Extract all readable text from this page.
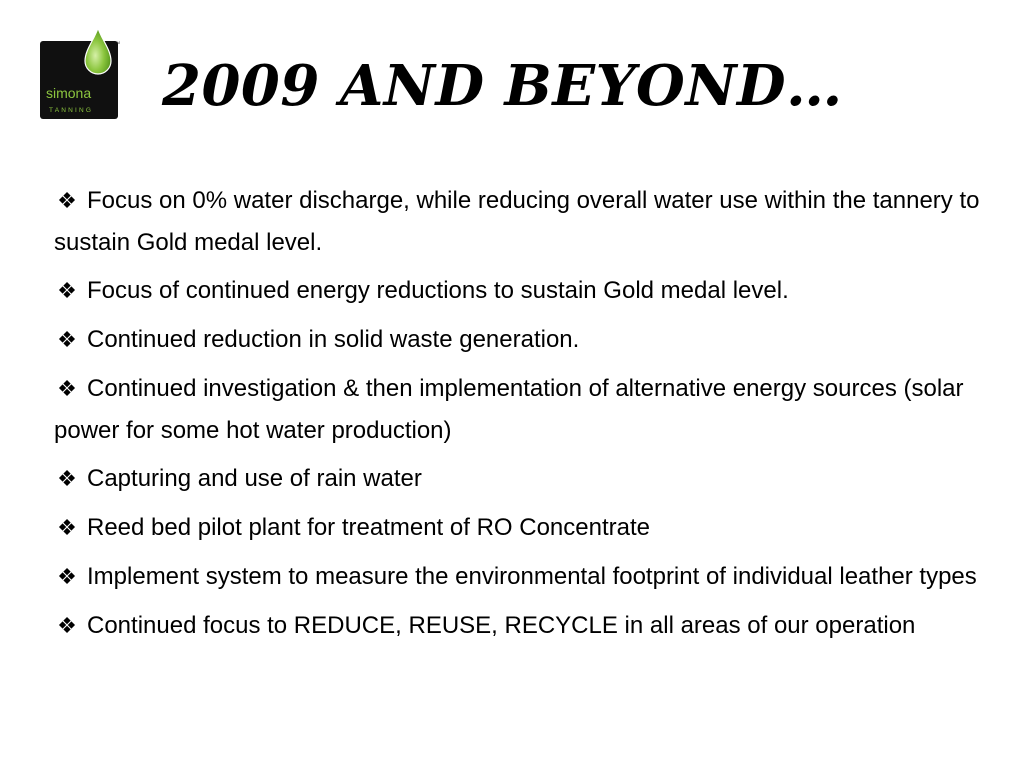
TM
simona
TANNING 2009 AND BEYOND…
❖ Focus on 0% water discharge, while reducing overall water use within the tannery to sustain Gold medal level.
❖ Focus of continued energy reductions to sustain Gold medal level.
❖ Continued reduction in solid waste generation.
❖ Continued investigation & then implementation of alternative energy sources (solar power for some hot water production)
❖ Capturing and use of rain water
❖ Reed bed pilot plant for treatment of RO Concentrate
❖ Implement system to measure the environmental footprint of individual leather types
❖ Continued focus to REDUCE, REUSE, RECYCLE in all areas of our operation
